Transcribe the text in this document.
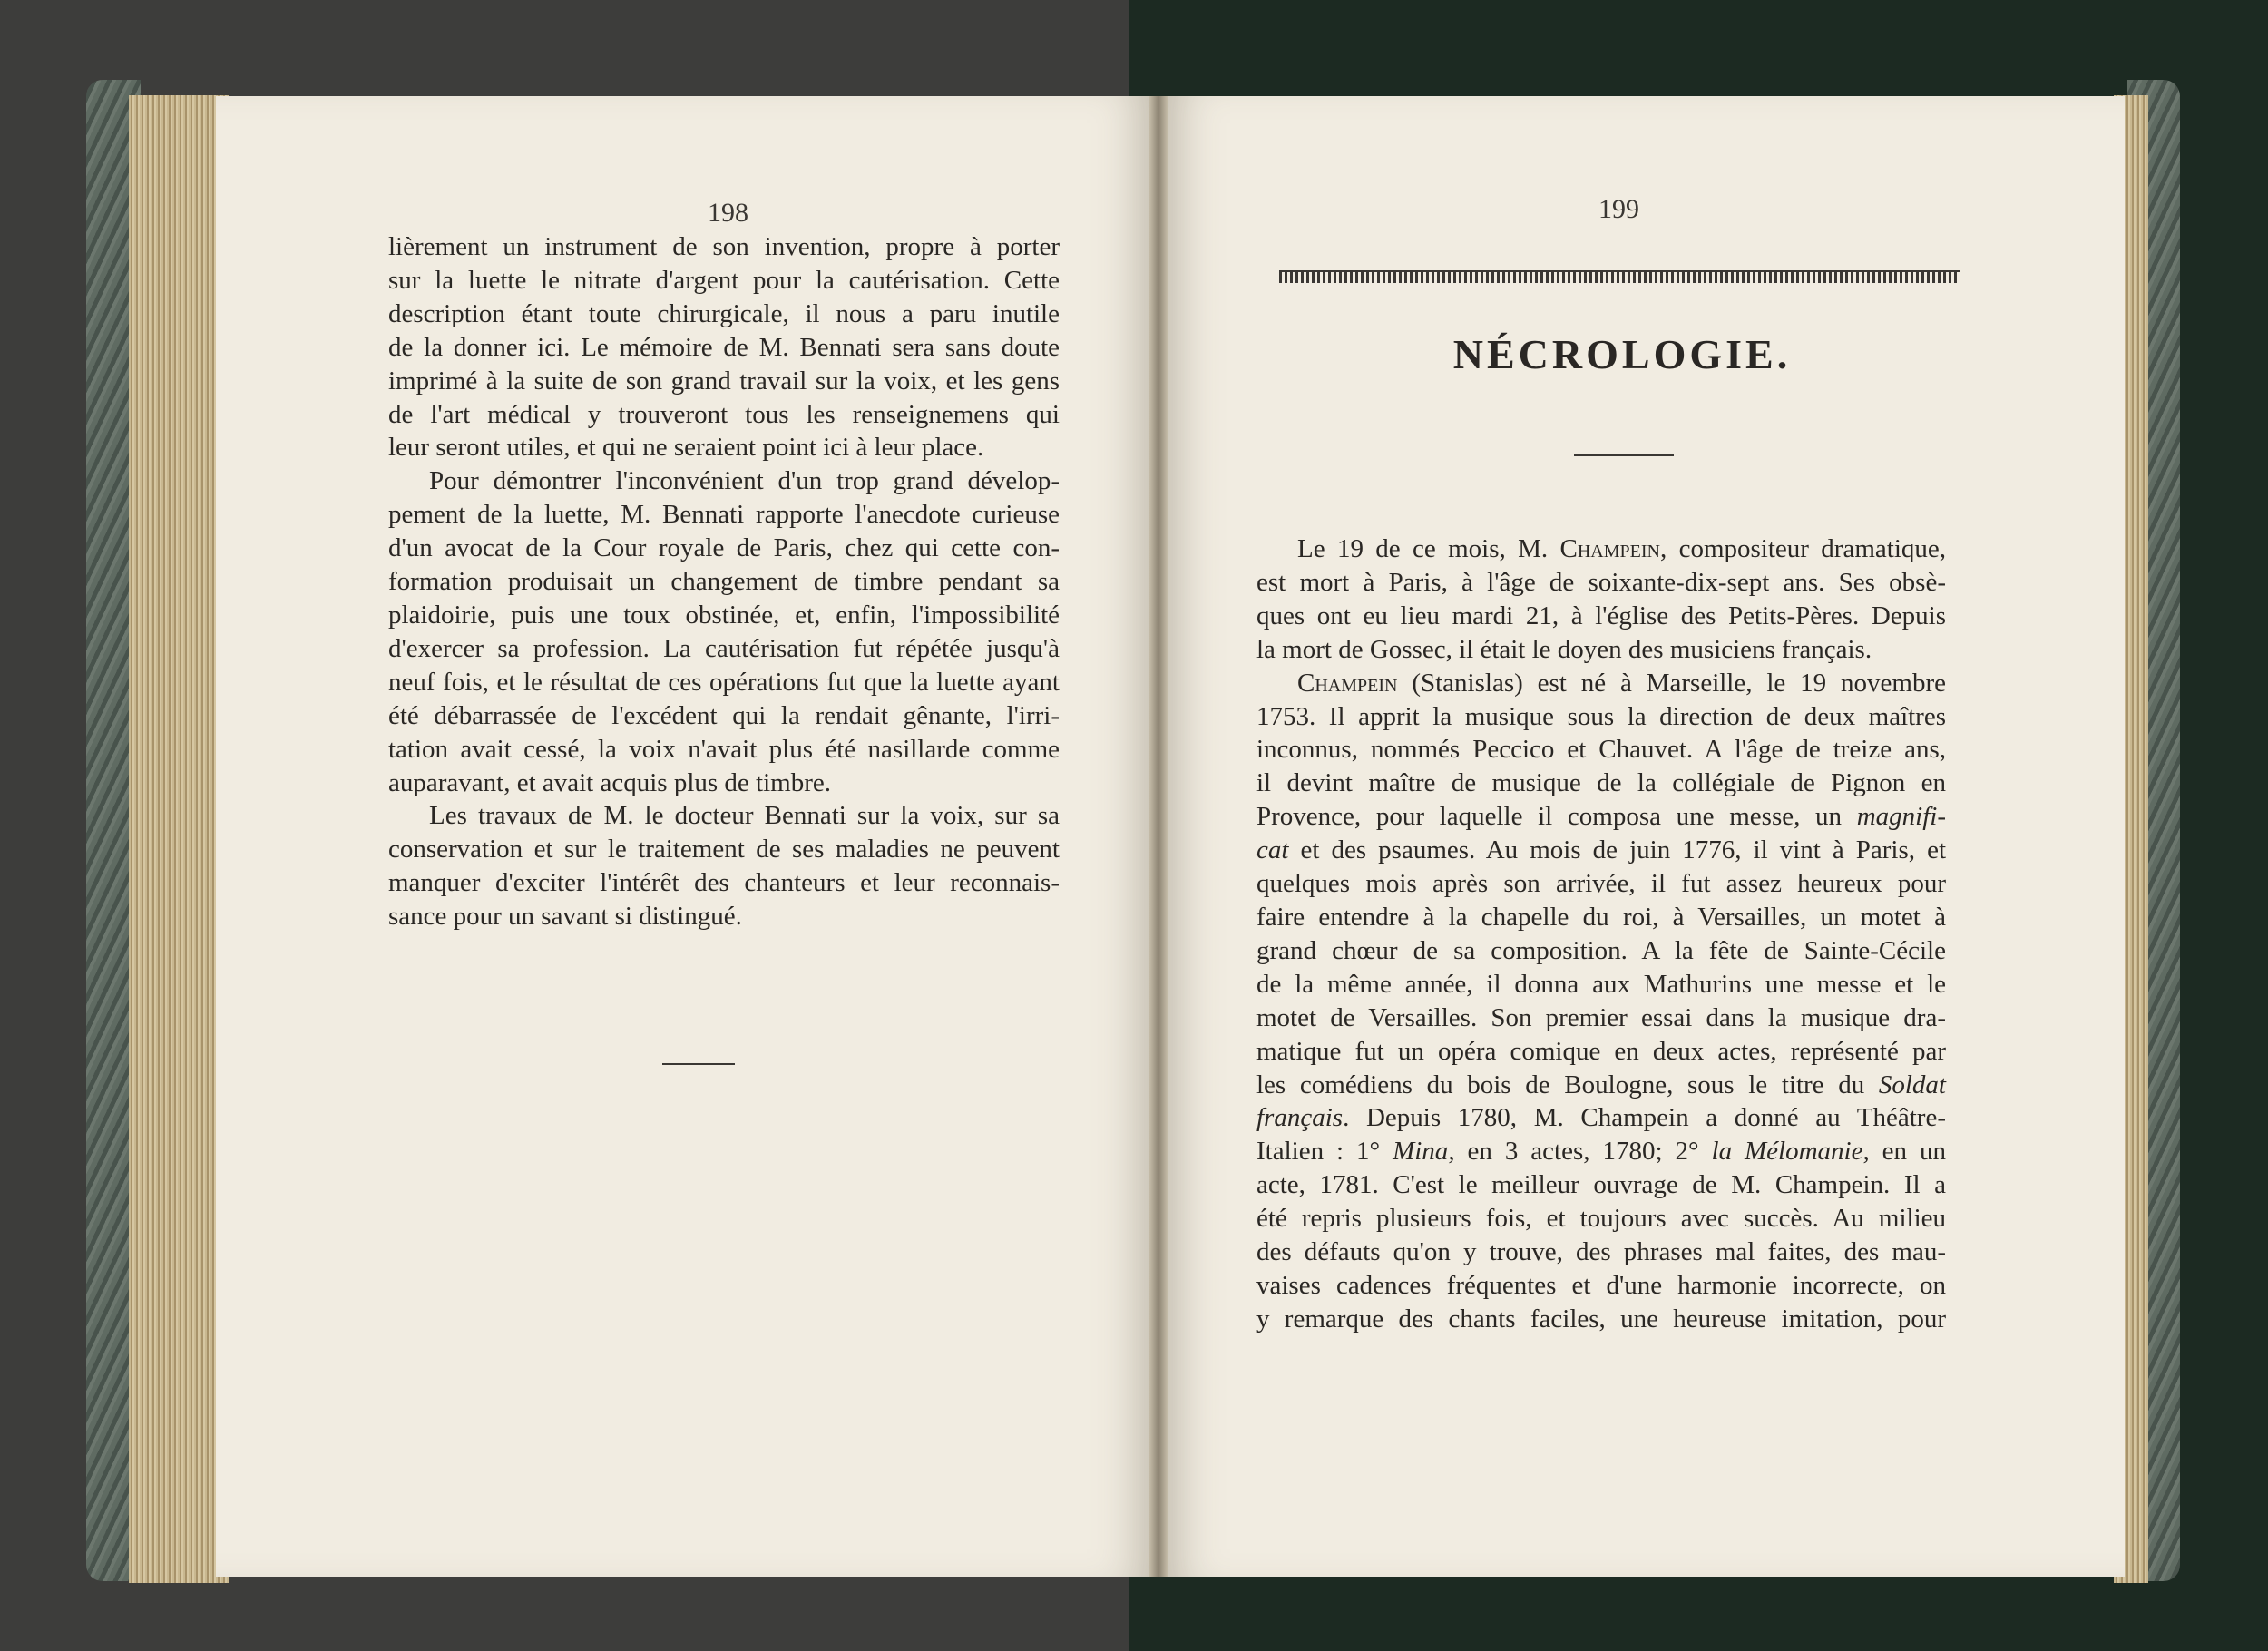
198
lièrement un instrument de son invention, propre à porter
sur la luette le nitrate d'argent pour la cautérisation. Cette
description étant toute chirurgicale, il nous a paru inutile
de la donner ici. Le mémoire de M. Bennati sera sans doute
imprimé à la suite de son grand travail sur la voix, et les gens
de l'art médical y trouveront tous les renseignemens qui
leur seront utiles, et qui ne seraient point ici à leur place.
Pour démontrer l'inconvénient d'un trop grand dévelop-
pement de la luette, M. Bennati rapporte l'anecdote curieuse
d'un avocat de la Cour royale de Paris, chez qui cette con-
formation produisait un changement de timbre pendant sa
plaidoirie, puis une toux obstinée, et, enfin, l'impossibilité
d'exercer sa profession. La cautérisation fut répétée jusqu'à
neuf fois, et le résultat de ces opérations fut que la luette ayant
été débarrassée de l'excédent qui la rendait gênante, l'irri-
tation avait cessé, la voix n'avait plus été nasillarde comme
auparavant, et avait acquis plus de timbre.
Les travaux de M. le docteur Bennati sur la voix, sur sa
conservation et sur le traitement de ses maladies ne peuvent
manquer d'exciter l'intérêt des chanteurs et leur reconnais-
sance pour un savant si distingué.
199
NÉCROLOGIE.
Le 19 de ce mois, M. Champein, compositeur dramatique,
est mort à Paris, à l'âge de soixante-dix-sept ans. Ses obsè-
ques ont eu lieu mardi 21, à l'église des Petits-Pères. Depuis
la mort de Gossec, il était le doyen des musiciens français.
Champein (Stanislas) est né à Marseille, le 19 novembre
1753. Il apprit la musique sous la direction de deux maîtres
inconnus, nommés Peccico et Chauvet. A l'âge de treize ans,
il devint maître de musique de la collégiale de Pignon en
Provence, pour laquelle il composa une messe, un magnifi-
cat et des psaumes. Au mois de juin 1776, il vint à Paris, et
quelques mois après son arrivée, il fut assez heureux pour
faire entendre à la chapelle du roi, à Versailles, un motet à
grand chœur de sa composition. A la fête de Sainte-Cécile
de la même année, il donna aux Mathurins une messe et le
motet de Versailles. Son premier essai dans la musique dra-
matique fut un opéra comique en deux actes, représenté par
les comédiens du bois de Boulogne, sous le titre du Soldat
français. Depuis 1780, M. Champein a donné au Théâtre-
Italien : 1° Mina, en 3 actes, 1780; 2° la Mélomanie, en un
acte, 1781. C'est le meilleur ouvrage de M. Champein. Il a
été repris plusieurs fois, et toujours avec succès. Au milieu
des défauts qu'on y trouve, des phrases mal faites, des mau-
vaises cadences fréquentes et d'une harmonie incorrecte, on
y remarque des chants faciles, une heureuse imitation, pour
